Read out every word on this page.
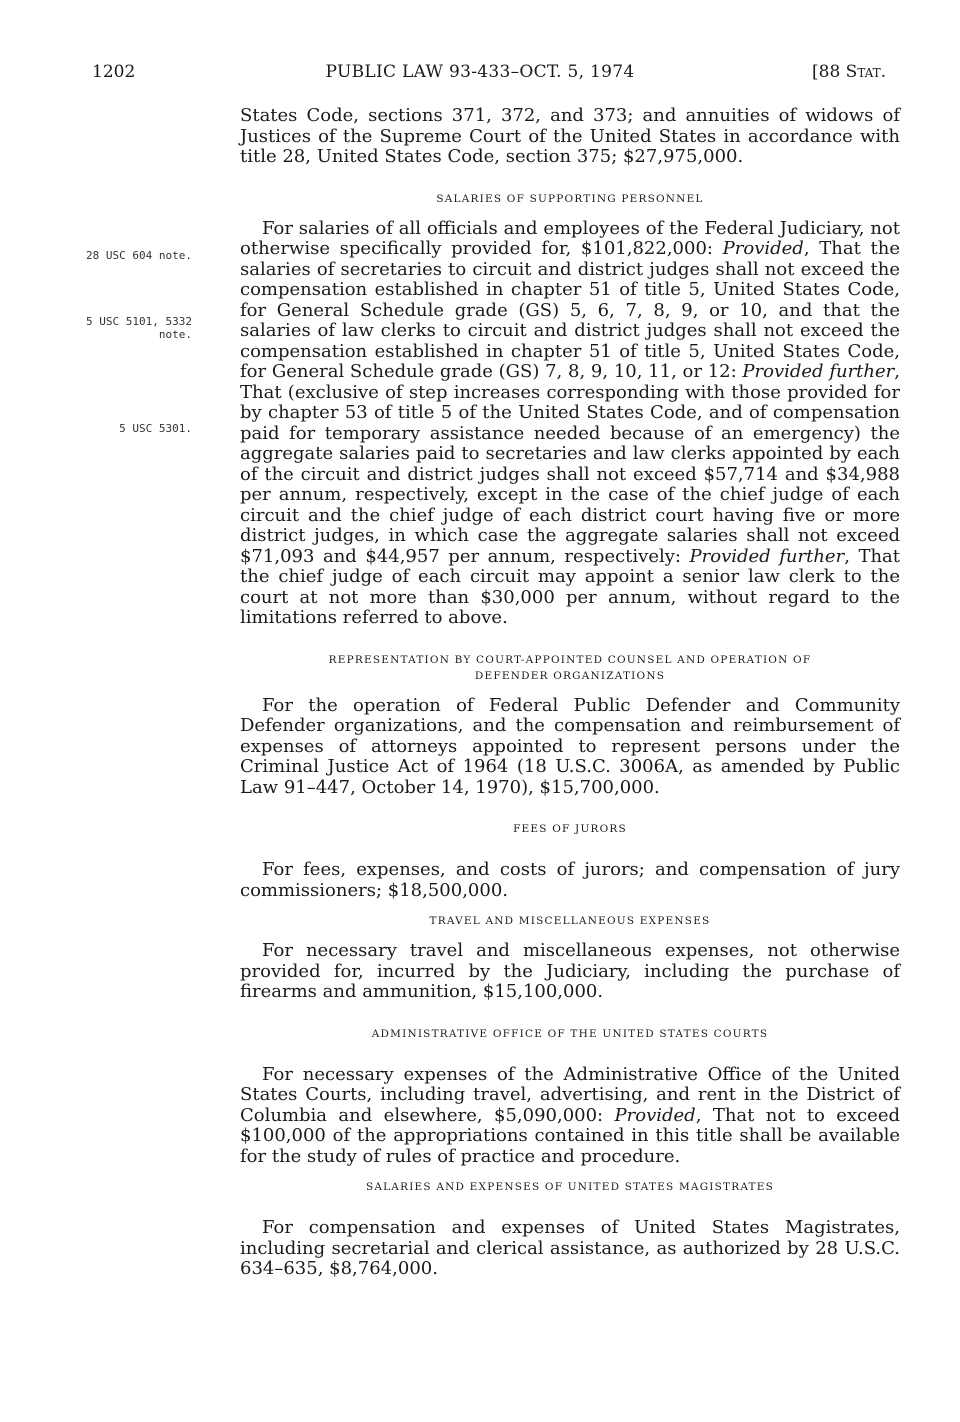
1202	PUBLIC LAW 93-433–OCT. 5, 1974	[88 Stat.
28 USC 604 note.
5 USC 5101, 5332 note.
5 USC 5301.

States Code, sections 371, 372, and 373; and annuities of widows of Justices of the Supreme Court of the United States in accordance with title 28, United States Code, section 375; $27,975,000.

SALARIES OF SUPPORTING PERSONNEL

For salaries of all officials and employees of the Federal Judiciary, not otherwise specifically provided for, $101,822,000: Provided, That the salaries of secretaries to circuit and district judges shall not exceed the compensation established in chapter 51 of title 5, United States Code, for General Schedule grade (GS) 5, 6, 7, 8, 9, or 10, and that the salaries of law clerks to circuit and district judges shall not exceed the compensation established in chapter 51 of title 5, United States Code, for General Schedule grade (GS) 7, 8, 9, 10, 11, or 12: Provided further, That (exclusive of step increases corresponding with those provided for by chapter 53 of title 5 of the United States Code, and of compensation paid for temporary assistance needed because of an emergency) the aggregate salaries paid to secretaries and law clerks appointed by each of the circuit and district judges shall not exceed $57,714 and $34,988 per annum, respectively, except in the case of the chief judge of each circuit and the chief judge of each district court having five or more district judges, in which case the aggregate salaries shall not exceed $71,093 and $44,957 per annum, respectively: Provided further, That the chief judge of each circuit may appoint a senior law clerk to the court at not more than $30,000 per annum, without regard to the limitations referred to above.

REPRESENTATION BY COURT-APPOINTED COUNSEL AND OPERATION OF
DEFENDER ORGANIZATIONS

For the operation of Federal Public Defender and Community Defender organizations, and the compensation and reimbursement of expenses of attorneys appointed to represent persons under the Criminal Justice Act of 1964 (18 U.S.C. 3006A, as amended by Public Law 91–447, October 14, 1970), $15,700,000.

FEES OF JURORS

For fees, expenses, and costs of jurors; and compensation of jury commissioners; $18,500,000.

TRAVEL AND MISCELLANEOUS EXPENSES

For necessary travel and miscellaneous expenses, not otherwise provided for, incurred by the Judiciary, including the purchase of firearms and ammunition, $15,100,000.

ADMINISTRATIVE OFFICE OF THE UNITED STATES COURTS

For necessary expenses of the Administrative Office of the United States Courts, including travel, advertising, and rent in the District of Columbia and elsewhere, $5,090,000: Provided, That not to exceed $100,000 of the appropriations contained in this title shall be available for the study of rules of practice and procedure.

SALARIES AND EXPENSES OF UNITED STATES MAGISTRATES

For compensation and expenses of United States Magistrates, including secretarial and clerical assistance, as authorized by 28 U.S.C. 634–635, $8,764,000.
